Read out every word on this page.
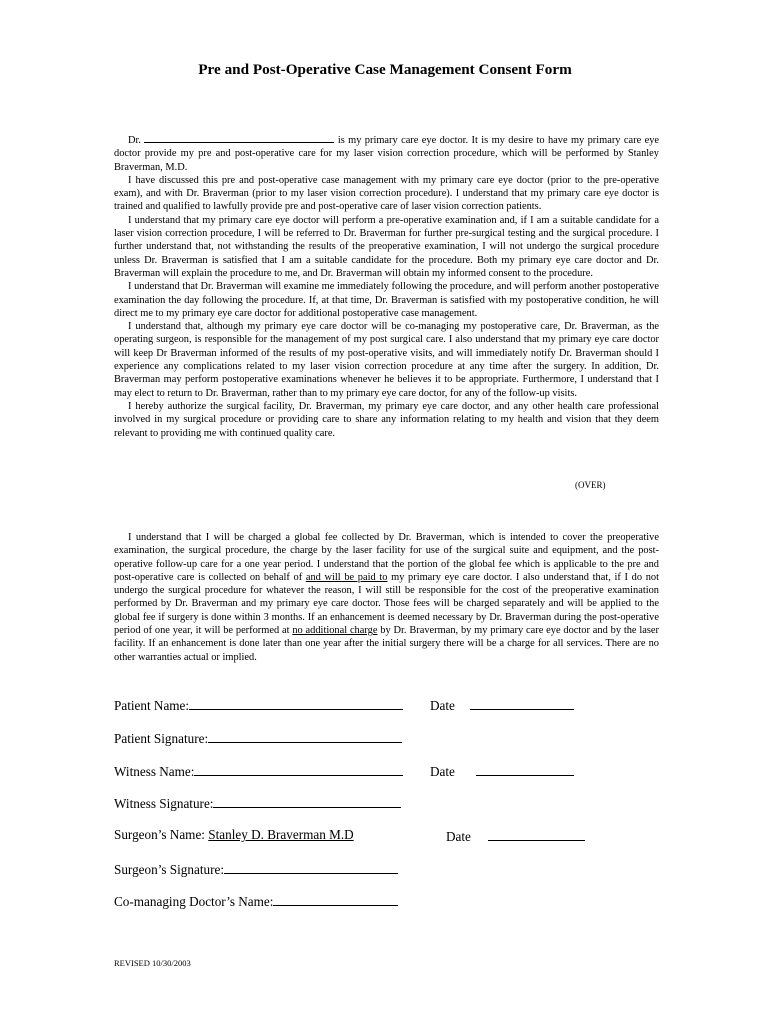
Pre and Post-Operative Case Management Consent Form

Dr.	is my primary care eye doctor. It is my desire to have my primary care eye doctor provide my pre and post-operative care for my laser vision correction procedure, which will be performed by Stanley Braverman, M.D.

I have discussed this pre and post-operative case management with my primary care eye doctor (prior to the pre-operative exam), and with Dr. Braverman (prior to my laser vision correction procedure). I understand that my primary care eye doctor is trained and qualified to lawfully provide pre and post-operative care of laser vision correction patients.

I understand that my primary care eye doctor will perform a pre-operative examination and, if I am a suitable candidate for a laser vision correction procedure, I will be referred to Dr. Braverman for further pre-surgical testing and the surgical procedure. I further understand that, not withstanding the results of the preoperative examination, I will not undergo the surgical procedure unless Dr. Braverman is satisfied that I am a suitable candidate for the procedure. Both my primary eye care doctor and Dr. Braverman will explain the procedure to me, and Dr. Braverman will obtain my informed consent to the procedure.

I understand that Dr. Braverman will examine me immediately following the procedure, and will perform another postoperative examination the day following the procedure. If, at that time, Dr. Braverman is satisfied with my postoperative condition, he will direct me to my primary eye care doctor for additional postoperative case management.

I understand that, although my primary eye care doctor will be co-managing my postoperative care, Dr. Braverman, as the operating surgeon, is responsible for the management of my post surgical care. I also understand that my primary eye care doctor will keep Dr Braverman informed of the results of my post-operative visits, and will immediately notify Dr. Braverman should I experience any complications related to my laser vision correction procedure at any time after the surgery. In addition, Dr. Braverman may perform postoperative examinations whenever he believes it to be appropriate. Furthermore, I understand that I may elect to return to Dr. Braverman, rather than to my primary eye care doctor, for any of the follow-up visits.

I hereby authorize the surgical facility, Dr. Braverman, my primary eye care doctor, and any other health care professional involved in my surgical procedure or providing care to share any information relating to my health and vision that they deem relevant to providing me with continued quality care.

(OVER)

I understand that I will be charged a global fee collected by Dr. Braverman, which is intended to cover the preoperative examination, the surgical procedure, the charge by the laser facility for use of the surgical suite and equipment, and the post-operative follow-up care for a one year period. I understand that the portion of the global fee which is applicable to the pre and post-operative care is collected on behalf of and will be paid to my primary eye care doctor. I also understand that, if I do not undergo the surgical procedure for whatever the reason, I will still be responsible for the cost of the preoperative examination performed by Dr. Braverman and my primary eye care doctor. Those fees will be charged separately and will be applied to the global fee if surgery is done within 3 months. If an enhancement is deemed necessary by Dr. Braverman during the post-operative period of one year, it will be performed at no additional charge by Dr. Braverman, by my primary care eye doctor and by the laser facility. If an enhancement is done later than one year after the initial surgery there will be a charge for all services. There are no other warranties actual or implied.

Patient Name:	Date
Patient Signature:
Witness Name:	Date
Witness Signature:
Surgeon’s Name: Stanley D. Braverman M.D	Date
Surgeon’s Signature:
Co-managing Doctor’s Name:
REVISED 10/30/2003
